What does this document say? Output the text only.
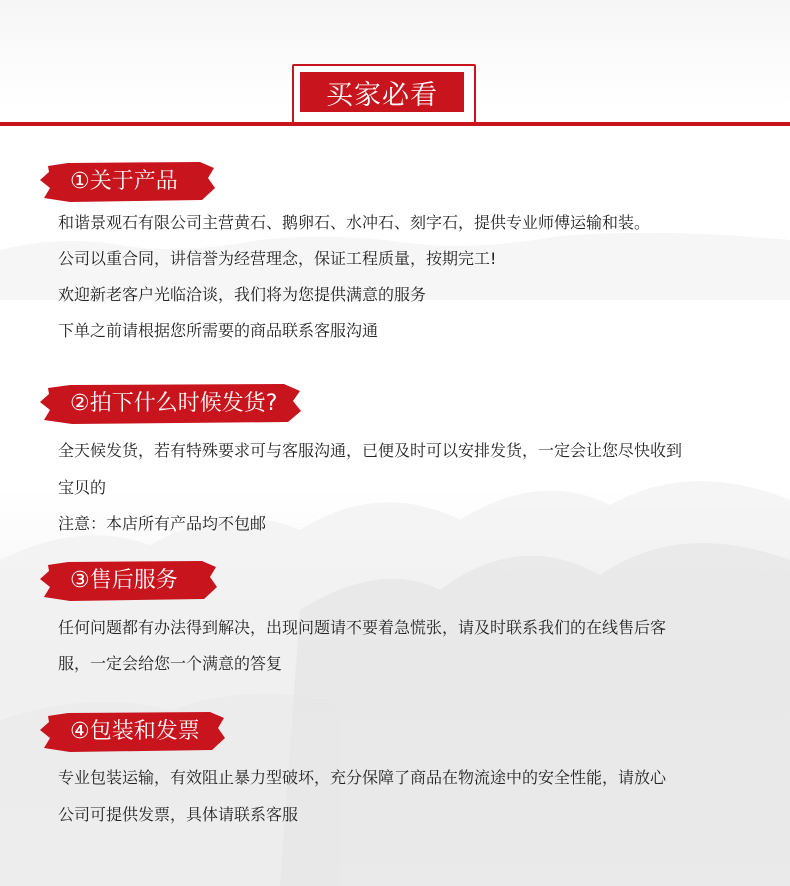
买家必看
①关于产品
和谐景观石有限公司主营黄石、鹅卵石、水冲石、刻字石，提供专业师傅运输和装。
公司以重合同，讲信誉为经营理念，保证工程质量，按期完工!
欢迎新老客户光临洽谈，我们将为您提供满意的服务
下单之前请根据您所需要的商品联系客服沟通
②拍下什么时候发货?
全天候发货，若有特殊要求可与客服沟通，已便及时可以安排发货，一定会让您尽快收到
宝贝的
注意：本店所有产品均不包邮
③售后服务
任何问题都有办法得到解决，出现问题请不要着急慌张，请及时联系我们的在线售后客
服，一定会给您一个满意的答复
④包装和发票
专业包装运输，有效阻止暴力型破坏，充分保障了商品在物流途中的安全性能，请放心
公司可提供发票，具体请联系客服
